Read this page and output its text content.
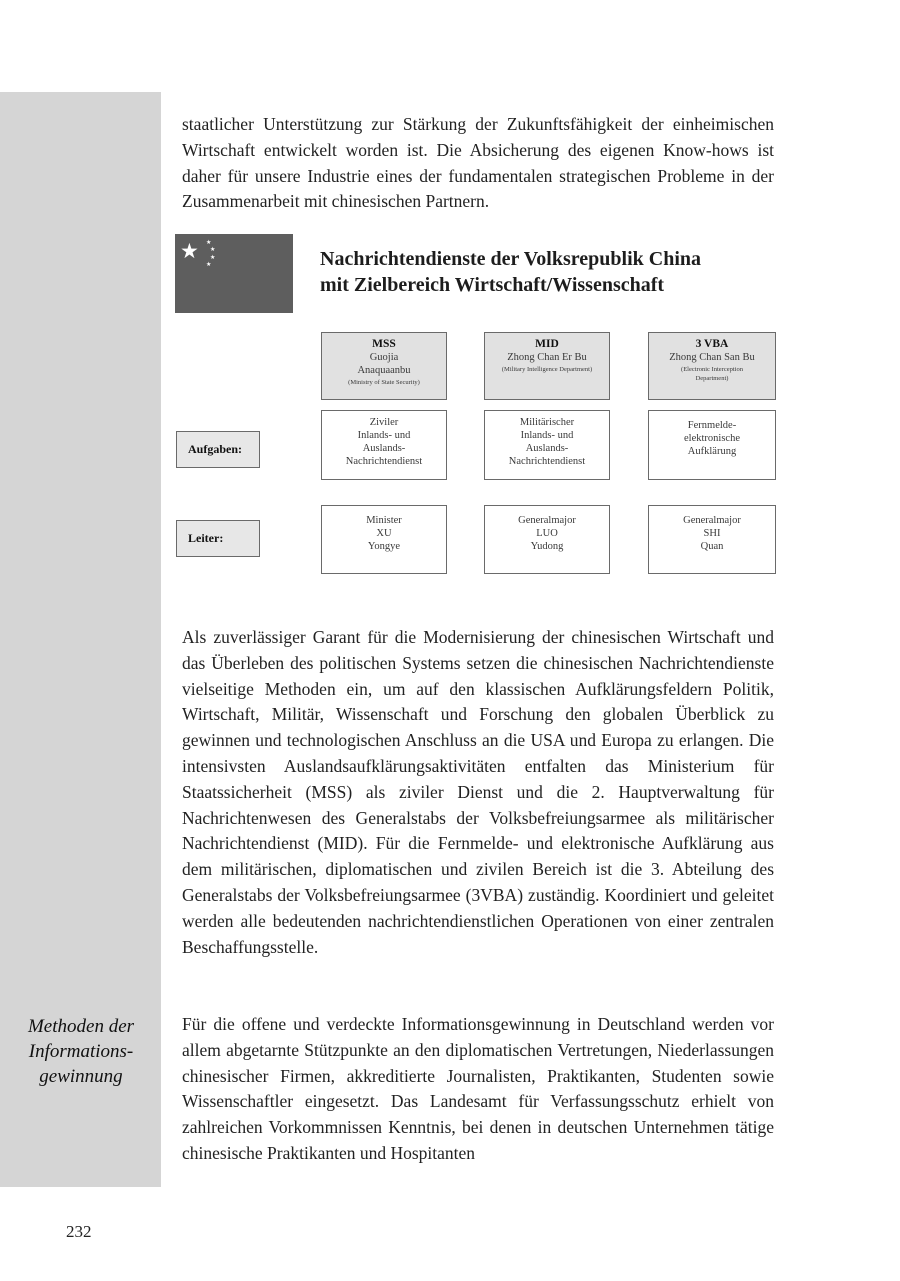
Methoden der
Informations-
gewinnung

staatlicher Unterstützung zur Stärkung der Zukunftsfähigkeit der einheimischen Wirtschaft entwickelt worden ist. Die Absicherung des eigenen Know-hows ist daher für unsere Industrie eines der fundamentalen strategischen Probleme in der Zusammenarbeit mit chinesischen Partnern.

★ ★
★
★
★	Nachrichtendienste der Volksrepublik China
mit Zielbereich Wirtschaft/Wissenschaft
MSS
Guojia
Anaquaanbu
(Ministry of State Security)
MID
Zhong Chan Er Bu
(Military Intelligence Department)
3 VBA
Zhong Chan San Bu
(Electronic Interception
Department)
Aufgaben:
Ziviler
Inlands- und
Auslands-
Nachrichtendienst
Militärischer
Inlands- und
Auslands-
Nachrichtendienst
Fernmelde-
elektronische
Aufklärung
Leiter:
Minister
XU
Yongye
Generalmajor
LUO
Yudong
Generalmajor
SHI
Quan

Als zuverlässiger Garant für die Modernisierung der chinesischen Wirtschaft und das Überleben des politischen Systems setzen die chinesischen Nachrichtendienste vielseitige Methoden ein, um auf den klassischen Aufklärungsfeldern Politik, Wirtschaft, Militär, Wissenschaft und Forschung den globalen Überblick zu gewinnen und technologischen Anschluss an die USA und Europa zu erlangen. Die intensivsten Auslandsaufklärungsaktivitäten entfalten das Ministerium für Staatssicherheit (MSS) als ziviler Dienst und die 2. Hauptverwaltung für Nachrichtenwesen des Generalstabs der Volksbefreiungsarmee als militärischer Nachrichtendienst (MID). Für die Fernmelde- und elektronische Aufklärung aus dem militärischen, diplomatischen und zivilen Bereich ist die 3. Abteilung des Generalstabs der Volksbefreiungsarmee (3VBA) zuständig. Koordiniert und geleitet werden alle bedeutenden nachrichtendienstlichen Operationen von einer zentralen Beschaffungsstelle.

Für die offene und verdeckte Informationsgewinnung in Deutschland werden vor allem abgetarnte Stützpunkte an den diplomatischen Vertretungen, Niederlassungen chinesischer Firmen, akkreditierte Journalisten, Praktikanten, Studenten sowie Wissenschaftler eingesetzt. Das Landesamt für Verfassungsschutz erhielt von zahlreichen Vorkommnissen Kenntnis, bei denen in deutschen Unternehmen tätige chinesische Praktikanten und Hospitanten

232
